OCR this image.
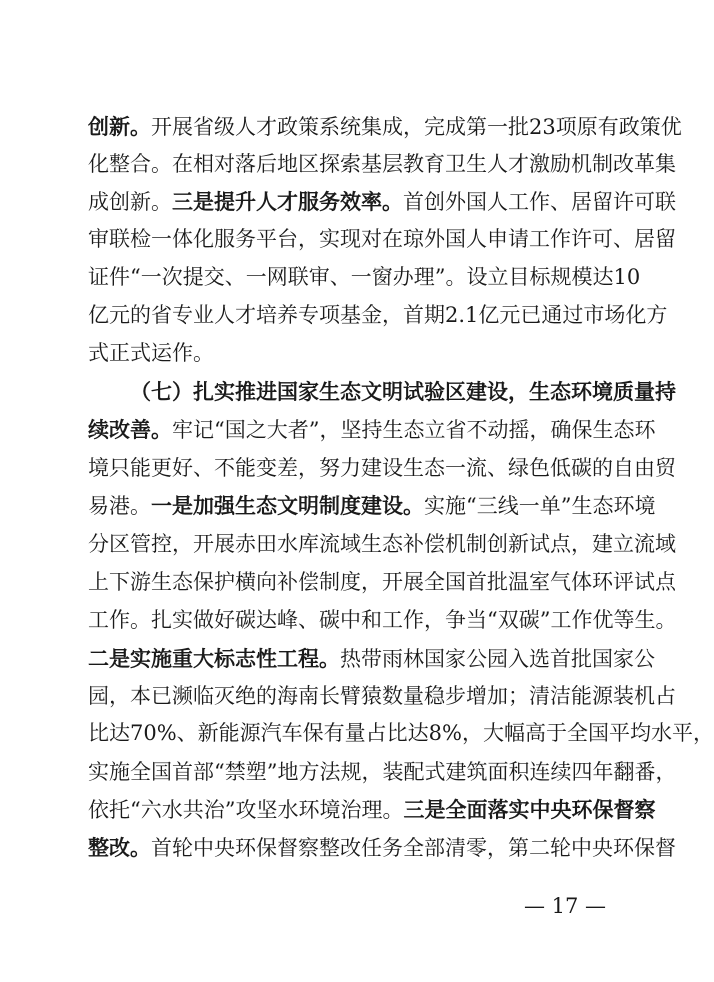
创新。开展省级人才政策系统集成，完成第一批23项原有政策优
化整合。在相对落后地区探索基层教育卫生人才激励机制改革集
成创新。三是提升人才服务效率。首创外国人工作、居留许可联
审联检一体化服务平台，实现对在琼外国人申请工作许可、居留
证件“一次提交、一网联审、一窗办理”。设立目标规模达10
亿元的省专业人才培养专项基金，首期2.1亿元已通过市场化方
式正式运作。
（七）扎实推进国家生态文明试验区建设，生态环境质量持
续改善。牢记“国之大者”，坚持生态立省不动摇，确保生态环
境只能更好、不能变差，努力建设生态一流、绿色低碳的自由贸
易港。一是加强生态文明制度建设。实施“三线一单”生态环境
分区管控，开展赤田水库流域生态补偿机制创新试点，建立流域
上下游生态保护横向补偿制度，开展全国首批温室气体环评试点
工作。扎实做好碳达峰、碳中和工作，争当“双碳”工作优等生。
二是实施重大标志性工程。热带雨林国家公园入选首批国家公
园，本已濒临灭绝的海南长臂猿数量稳步增加；清洁能源装机占
比达70%、新能源汽车保有量占比达8%，大幅高于全国平均水平，
实施全国首部“禁塑”地方法规，装配式建筑面积连续四年翻番，
依托“六水共治”攻坚水环境治理。三是全面落实中央环保督察
整改。首轮中央环保督察整改任务全部清零，第二轮中央环保督
— 17 —
